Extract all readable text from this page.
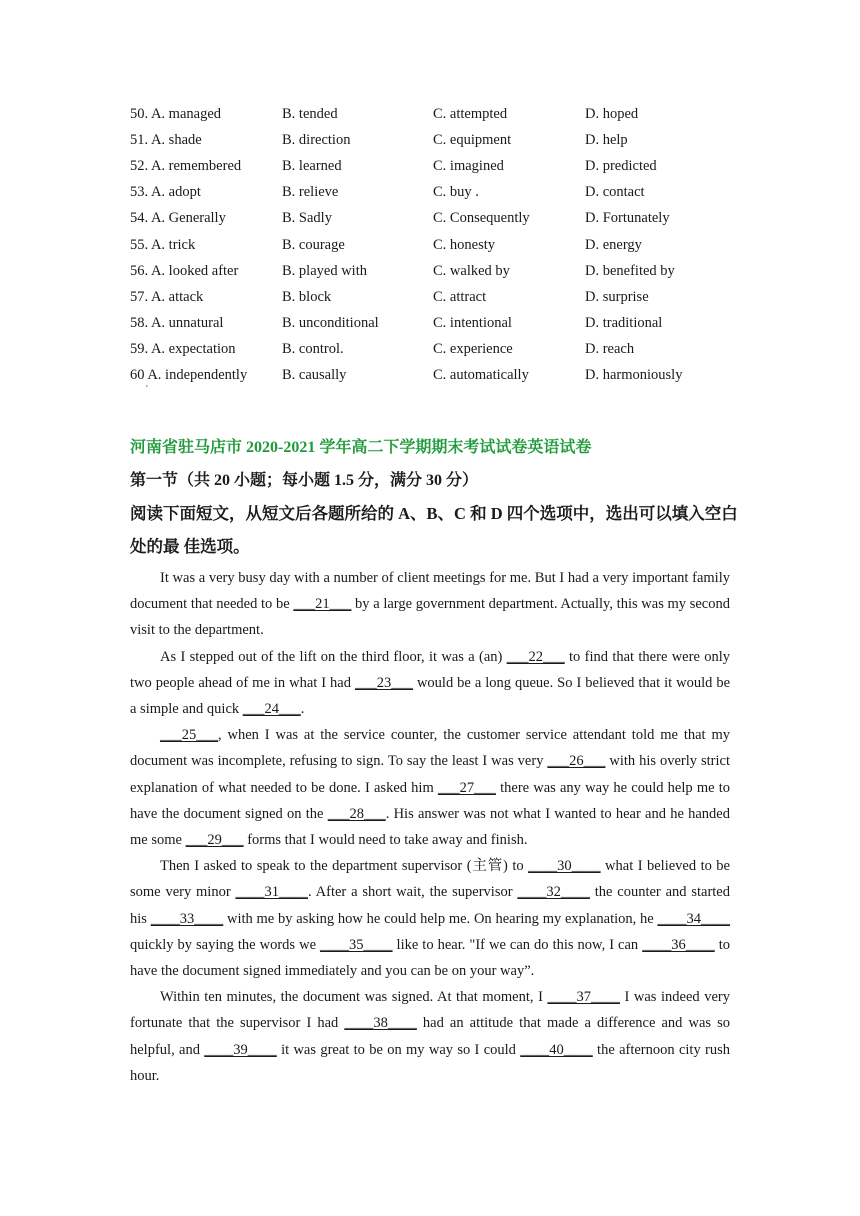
50. A. managed	B. tended	C. attempted	D. hoped
51. A. shade	B. direction	C. equipment	D. help
52. A. remembered	B. learned	C. imagined	D. predicted
53. A. adopt	B. relieve	C. buy .	D. contact
54. A. Generally	B. Sadly	C. Consequently	D. Fortunately
55. A. trick	B. courage	C. honesty	D. energy
56. A. looked after	B. played with	C. walked by	D. benefited by
57. A. attack	B. block	C. attract	D. surprise
58. A. unnatural	B. unconditional	C. intentional	D. traditional
59. A. expectation	B. control.	C. experience	D. reach
60 A. independently	B. causally	C. automatically	D. harmoniously
'
河南省驻马店市 2020-2021 学年高二下学期期末考试试卷英语试卷
第一节（共 20 小题；每小题 1.5 分，满分 30 分）
阅读下面短文，从短文后各题所给的 A、B、C 和 D 四个选项中，选出可以填入空白处的最 佳选项。

It was a very busy day with a number of client meetings for me. But I had a very important family document that needed to be ___21___ by a large government department. Actually, this was my second visit to the department.

As I stepped out of the lift on the third floor, it was a (an) ___22___ to find that there were only two people ahead of me in what I had ___23___ would be a long queue. So I believed that it would be a simple and quick ___24___.

___25___, when I was at the service counter, the customer service attendant told me that my document was incomplete, refusing to sign. To say the least I was very ___26___ with his overly strict explanation of what needed to be done. I asked him ___27___ there was any way he could help me to have the document signed on the ___28___. His answer was not what I wanted to hear and he handed me some ___29___ forms that I would need to take away and finish.

Then I asked to speak to the department supervisor (主管) to ____30____ what I believed to be some very minor ____31____. After a short wait, the supervisor ____32____ the counter and started his ____33____ with me by asking how he could help me. On hearing my explanation, he ____34____ quickly by saying the words we ____35____ like to hear. "If we can do this now, I can ____36____ to have the document signed immediately and you can be on your way”.

Within ten minutes, the document was signed. At that moment, I ____37____ I was indeed very fortunate that the supervisor I had ____38____ had an attitude that made a difference and was so helpful, and ____39____ it was great to be on my way so I could ____40____ the afternoon city rush hour.
